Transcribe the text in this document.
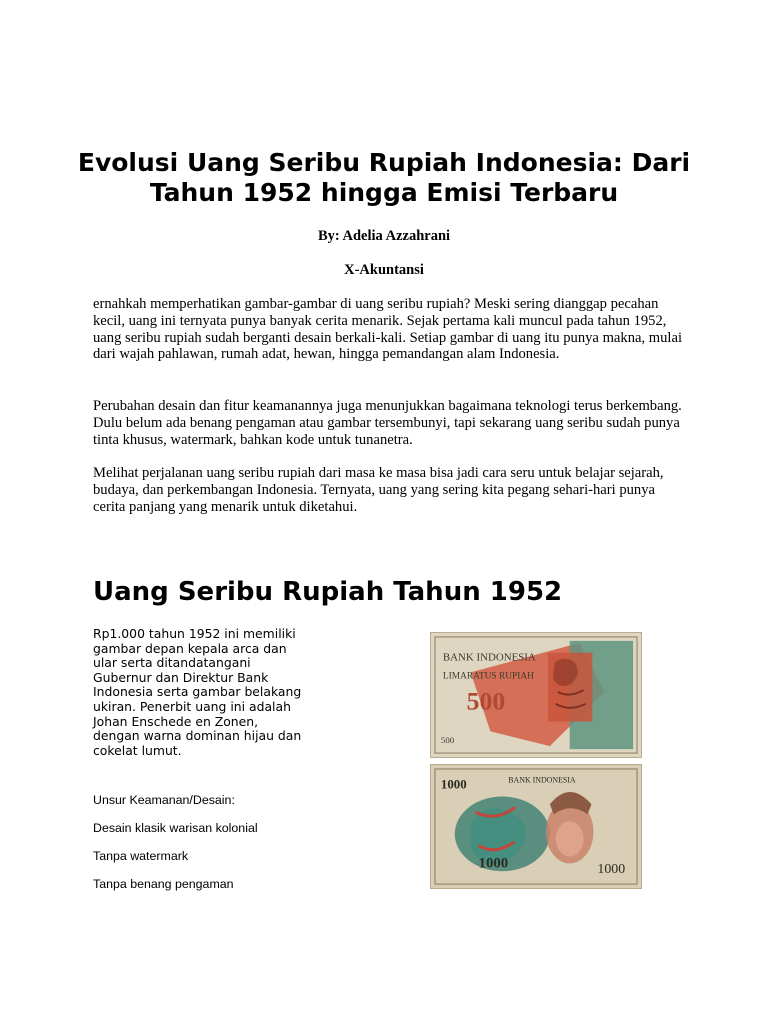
Evolusi Uang Seribu Rupiah Indonesia: Dari Tahun 1952 hingga Emisi Terbaru

By: Adelia Azzahrani

X-Akuntansi

ernahkah memperhatikan gambar-gambar di uang seribu rupiah? Meski sering dianggap pecahan kecil, uang ini ternyata punya banyak cerita menarik. Sejak pertama kali muncul pada tahun 1952, uang seribu rupiah sudah berganti desain berkali-kali. Setiap gambar di uang itu punya makna, mulai dari wajah pahlawan, rumah adat, hewan, hingga pemandangan alam Indonesia.

Perubahan desain dan fitur keamanannya juga menunjukkan bagaimana teknologi terus berkembang. Dulu belum ada benang pengaman atau gambar tersembunyi, tapi sekarang uang seribu sudah punya tinta khusus, watermark, bahkan kode untuk tunanetra.

Melihat perjalanan uang seribu rupiah dari masa ke masa bisa jadi cara seru untuk belajar sejarah, budaya, dan perkembangan Indonesia. Ternyata, uang yang sering kita pegang sehari-hari punya cerita panjang yang menarik untuk diketahui.

Uang Seribu Rupiah Tahun 1952

Rp1.000 tahun 1952 ini memiliki gambar depan kepala arca dan ular serta ditandatangani Gubernur dan Direktur Bank Indonesia serta gambar belakang ukiran. Penerbit uang ini adalah Johan Enschede en Zonen, dengan warna dominan hijau dan cokelat lumut.

Unsur Keamanan/Desain:
Desain klasik warisan kolonial
Tanpa watermark
Tanpa benang pengaman
BANK INDONESIA
LIMARATUS RUPIAH
500
500
1000	BANK INDONESIA
1000	1000
